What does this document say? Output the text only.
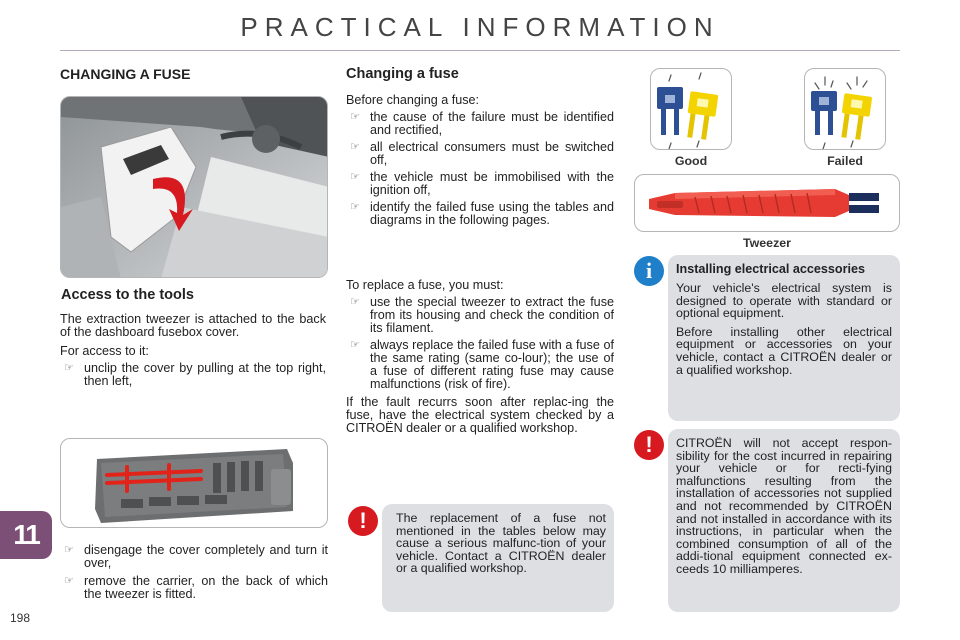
PRACTICAL INFORMATION
11
198
CHANGING A FUSE
Access to the tools
The extraction tweezer is attached to the back of the dashboard fusebox cover.
For access to it:
☞ unclip the cover by pulling at the top right, then left,
☞ disengage the cover completely and turn it over,
☞ remove the carrier, on the back of which the tweezer is fitted.
Changing a fuse
Before changing a fuse:
☞ the cause of the failure must be identified and rectified,
☞ all electrical consumers must be switched off,
☞ the vehicle must be immobilised with the ignition off,
☞ identify the failed fuse using the tables and diagrams in the following pages.
To replace a fuse, you must:
☞ use the special tweezer to extract the fuse from its housing and check the condition of its filament.
☞ always replace the failed fuse with a fuse of the same rating (same co-lour); the use of a fuse of different rating fuse may cause malfunctions (risk of fire).
If the fault recurrs soon after replac-ing the fuse, have the electrical system checked by a CITROËN dealer or a qualified workshop.
The replacement of a fuse not mentioned in the tables below may cause a serious malfunc-tion of your vehicle. Contact a CITROËN dealer or a qualified workshop.
!
Good	Failed
Tweezer
Installing electrical accessories
Your vehicle's electrical system is designed to operate with standard or optional equipment.
Before installing other electrical equipment or accessories on your vehicle, contact a CITROËN dealer or a qualified workshop.
i
CITROËN will not accept respon-sibility for the cost incurred in repairing your vehicle or for recti-fying malfunctions resulting from the installation of accessories not supplied and not recommended by CITROËN and not installed in accordance with its instructions, in particular when the combined consumption of all of the addi-tional equipment connected ex-ceeds 10 milliamperes.
!
